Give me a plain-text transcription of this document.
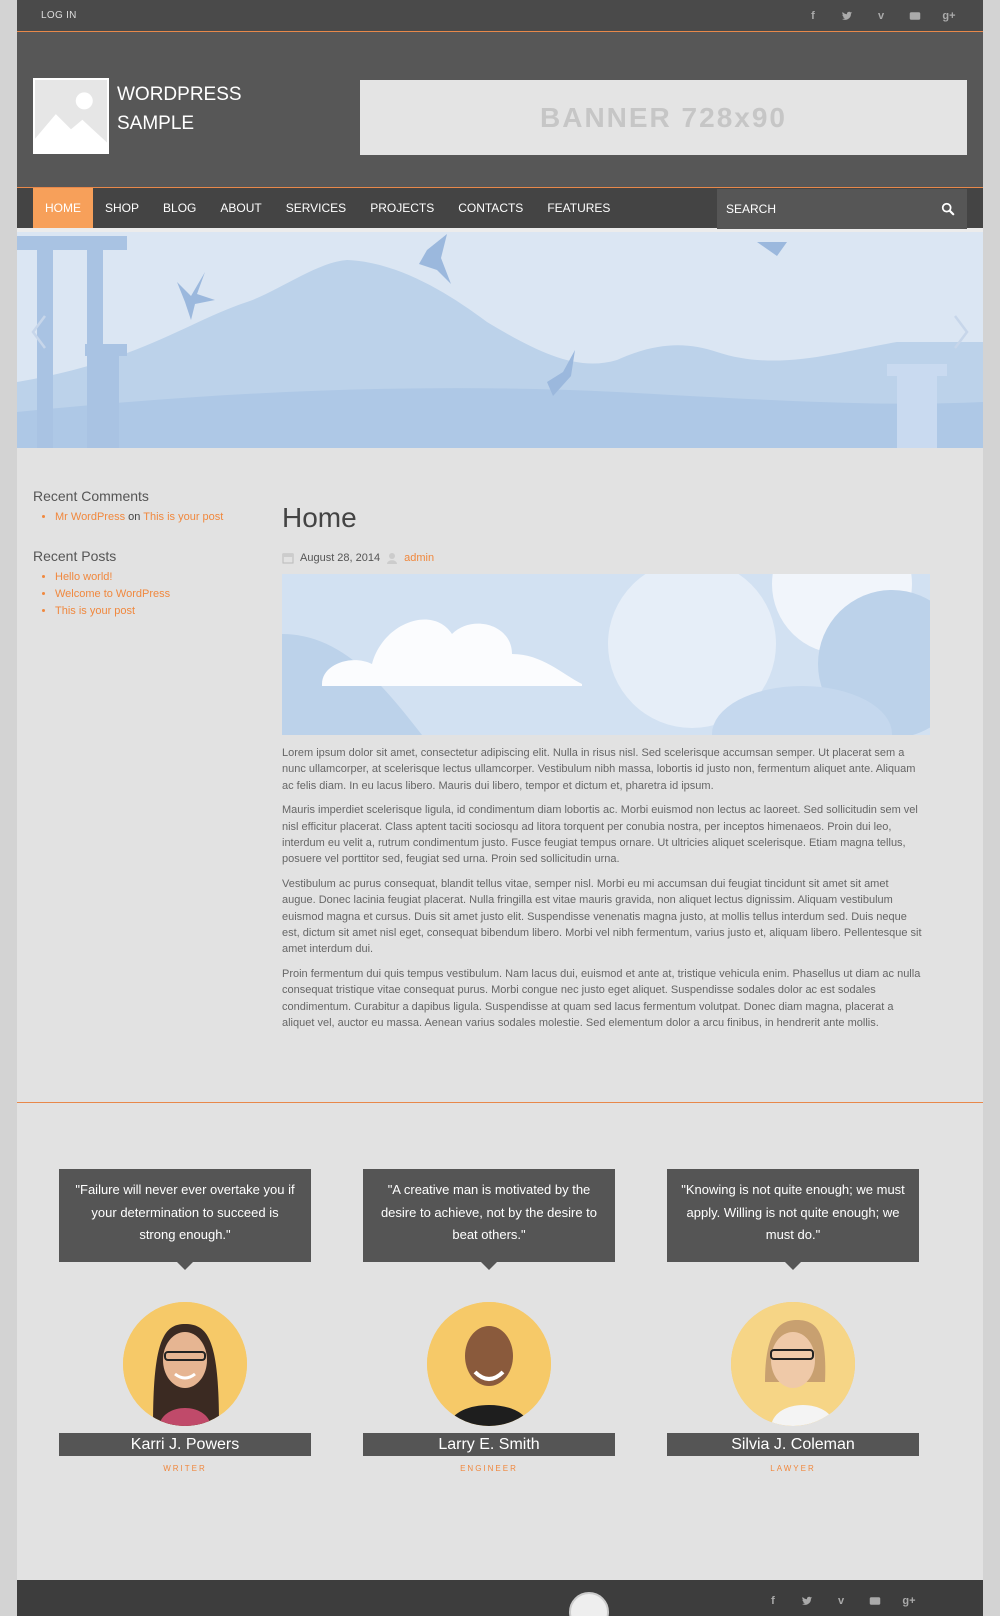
LOG IN	f	v	g+
WORDPRESS
SAMPLE	BANNER 728x90
HOME	SHOP	BLOG	ABOUT	SERVICES	PROJECTS	CONTACTS	FEATURES
SEARCH
Recent Comments
• Mr WordPress on This is your post
Recent Posts
• Hello world!
• Welcome to WordPress
• This is your post
Home
August 28, 2014 admin

Lorem ipsum dolor sit amet, consectetur adipiscing elit. Nulla in risus nisl. Sed scelerisque accumsan semper. Ut placerat sem a nunc ullamcorper, at scelerisque lectus ullamcorper. Vestibulum nibh massa, lobortis id justo non, fermentum aliquet ante. Aliquam ac felis diam. In eu lacus libero. Mauris dui libero, tempor et dictum et, pharetra id ipsum.

Mauris imperdiet scelerisque ligula, id condimentum diam lobortis ac. Morbi euismod non lectus ac laoreet. Sed sollicitudin sem vel nisl efficitur placerat. Class aptent taciti sociosqu ad litora torquent per conubia nostra, per inceptos himenaeos. Proin dui leo, interdum eu velit a, rutrum condimentum justo. Fusce feugiat tempus ornare. Ut ultricies aliquet scelerisque. Etiam magna tellus, posuere vel porttitor sed, feugiat sed urna. Proin sed sollicitudin urna.

Vestibulum ac purus consequat, blandit tellus vitae, semper nisl. Morbi eu mi accumsan dui feugiat tincidunt sit amet sit amet augue. Donec lacinia feugiat placerat. Nulla fringilla est vitae mauris gravida, non aliquet lectus dignissim. Aliquam vestibulum euismod magna et cursus. Duis sit amet justo elit. Suspendisse venenatis magna justo, at mollis tellus interdum sed. Duis neque est, dictum sit amet nisl eget, consequat bibendum libero. Morbi vel nibh fermentum, varius justo et, aliquam libero. Pellentesque sit amet interdum dui.

Proin fermentum dui quis tempus vestibulum. Nam lacus dui, euismod et ante at, tristique vehicula enim. Phasellus ut diam ac nulla consequat tristique vitae consequat purus. Morbi congue nec justo eget aliquet. Suspendisse sodales dolor ac est sodales condimentum. Curabitur a dapibus ligula. Suspendisse at quam sed lacus fermentum volutpat. Donec diam magna, placerat a aliquet vel, auctor eu massa. Aenean varius sodales molestie. Sed elementum dolor a arcu finibus, in hendrerit ante mollis.

"Failure will never ever overtake you if your determination to succeed is strong enough."
Karri J. Powers
WRITER
"A creative man is motivated by the desire to achieve, not by the desire to beat others."
Larry E. Smith
ENGINEER
"Knowing is not quite enough; we must apply. Willing is not quite enough; we must do."
Silvia J. Coleman
LAWYER
f	v	g+
